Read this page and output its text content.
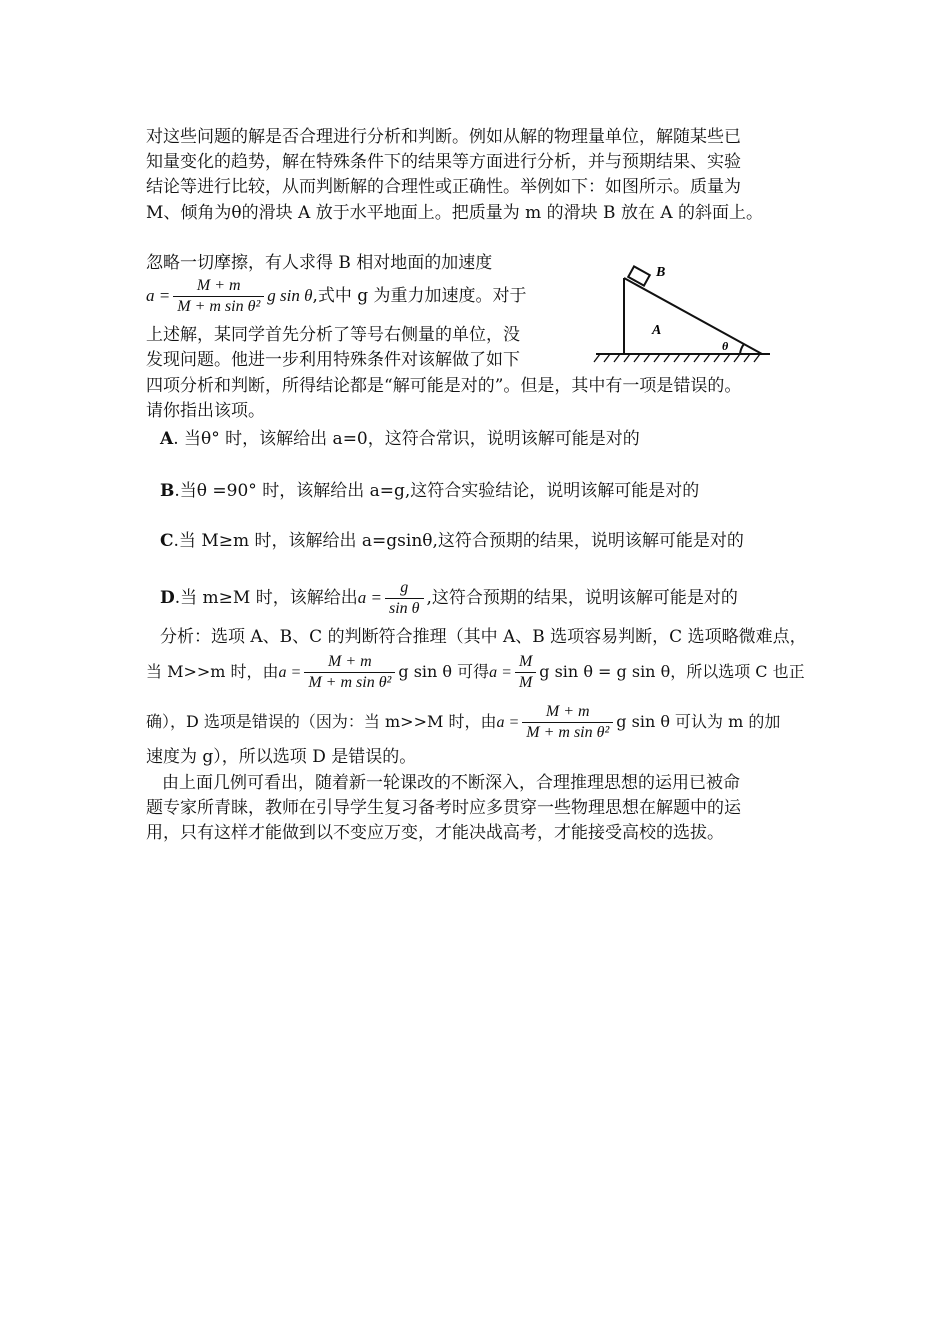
对这些问题的解是否合理进行分析和判断。例如从解的物理量单位，解随某些已
知量变化的趋势，解在特殊条件下的结果等方面进行分析，并与预期结果、实验
结论等进行比较，从而判断解的合理性或正确性。举例如下：如图所示。质量为
M、倾角为θ的滑块 A 放于水平地面上。把质量为 m 的滑块 B 放在 A 的斜面上。
忽略一切摩擦，有人求得 B 相对地面的加速度
$a = \frac{M + m}{\text{M + m sin θ²}}$ g sin θ,式中 g 为重力加速度。对于
上述解，某同学首先分析了等号右侧量的单位，没
发现问题。他进一步利用特殊条件对该解做了如下
四项分析和判断，所得结论都是“解可能是对的”。但是，其中有一项是错误的。
请你指出该项。
B
A
θ
A. 当θ° 时，该解给出 a=0，这符合常识，说明该解可能是对的
B.当θ =90° 时，该解给出 a=g,这符合实验结论，说明该解可能是对的
C.当 M≥m 时，该解给出 a=gsinθ,这符合预期的结果，说明该解可能是对的
D.当 m≥M 时，该解给出$a = \frac{g}{\text{sin θ}}$ ,这符合预期的结果，说明该解可能是对的
分析：选项 A、B、C 的判断符合推理（其中 A、B 选项容易判断，C 选项略微难点，
当 M>>m 时，由$a = \frac{M + m}{\text{M + m sin θ²}}$ g sin θ 可得$a = \frac{M}{M}$ g sin θ = g sin θ，所以选项 C 也正
确），D 选项是错误的（因为：当 m>>M 时，由$a = \frac{M + m}{\text{M + m sin θ²}}$ g sin θ 可认为 m 的加
速度为 g），所以选项 D 是错误的。
由上面几例可看出，随着新一轮课改的不断深入，合理推理思想的运用已被命
题专家所青睐，教师在引导学生复习备考时应多贯穿一些物理思想在解题中的运
用，只有这样才能做到以不变应万变，才能决战高考，才能接受高校的选拔。
